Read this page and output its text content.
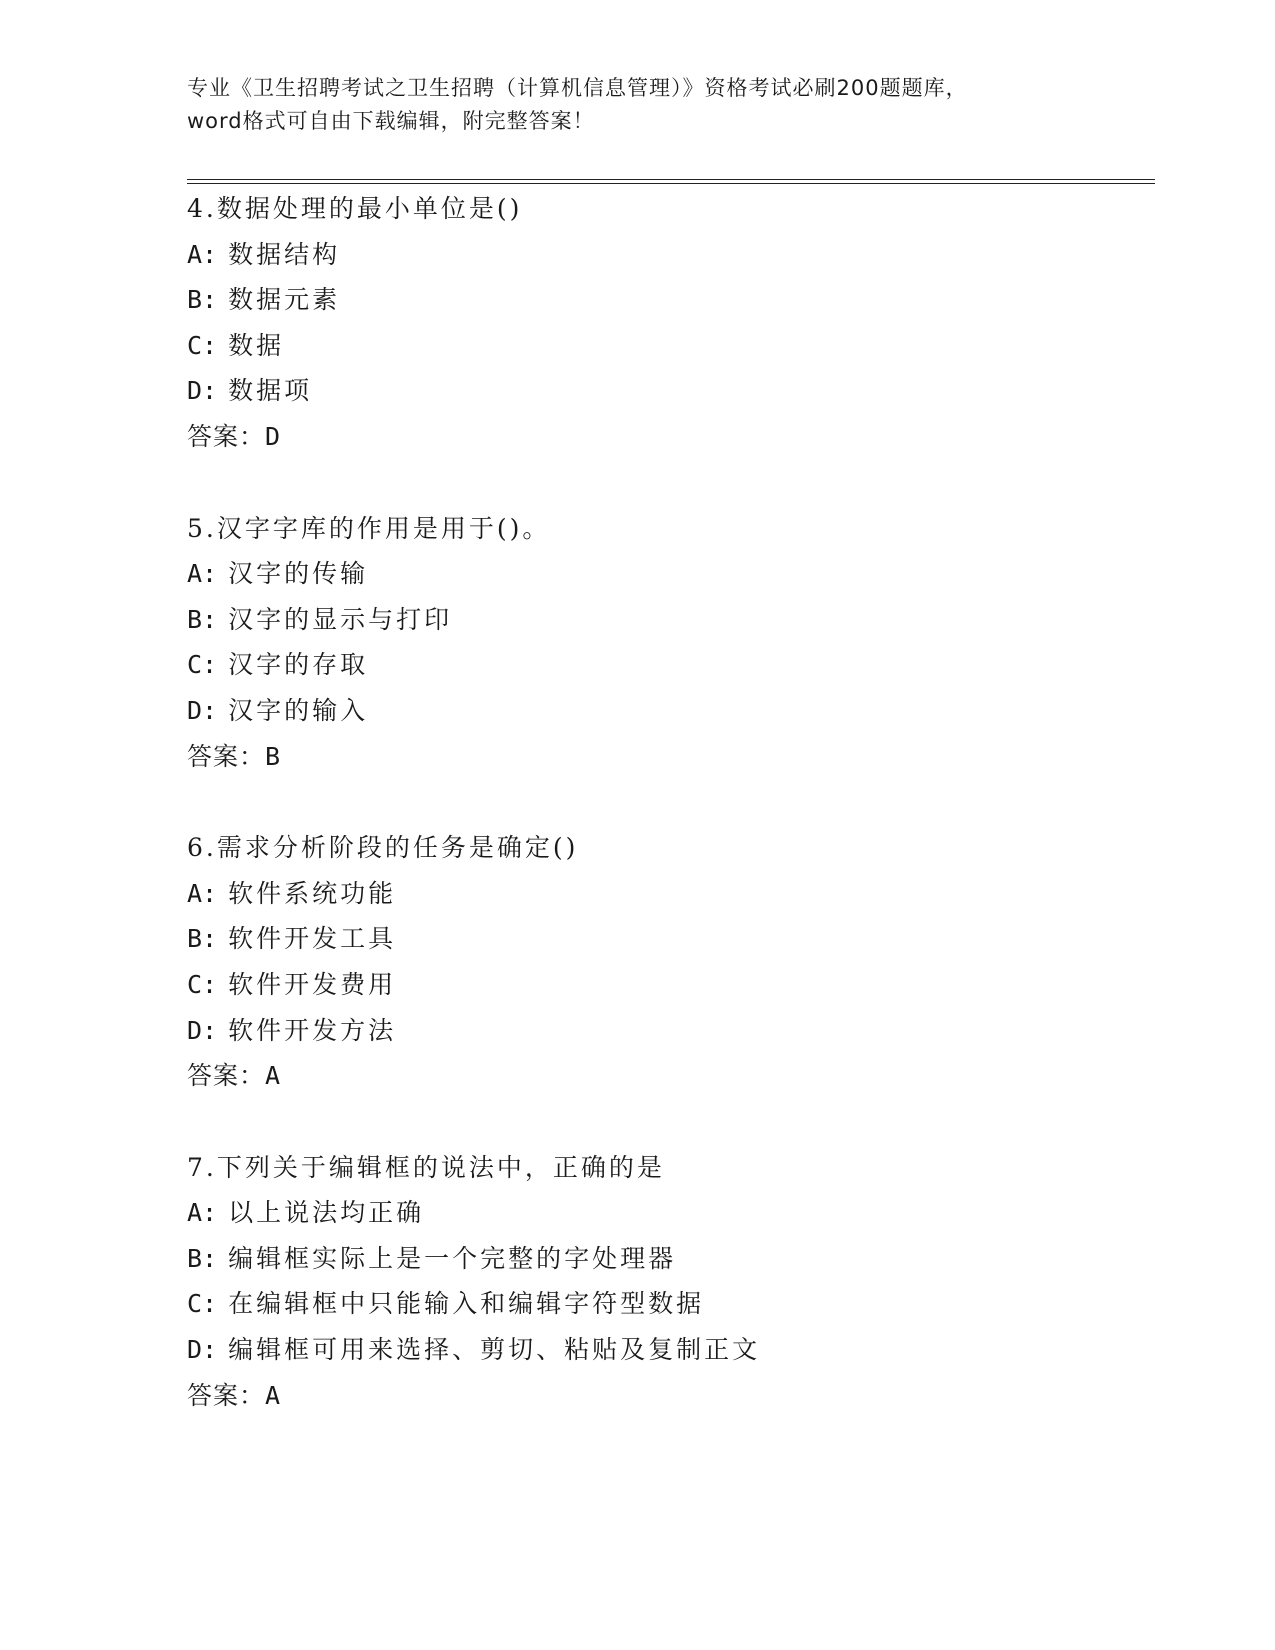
专业《卫生招聘考试之卫生招聘（计算机信息管理）》资格考试必刷200题题库，
word格式可自由下载编辑，附完整答案！
4.数据处理的最小单位是()
A: 数据结构
B: 数据元素
C: 数据
D: 数据项
答案：D
5.汉字字库的作用是用于()。
A: 汉字的传输
B: 汉字的显示与打印
C: 汉字的存取
D: 汉字的输入
答案：B
6.需求分析阶段的任务是确定()
A: 软件系统功能
B: 软件开发工具
C: 软件开发费用
D: 软件开发方法
答案：A
7.下列关于编辑框的说法中，正确的是
A: 以上说法均正确
B: 编辑框实际上是一个完整的字处理器
C: 在编辑框中只能输入和编辑字符型数据
D: 编辑框可用来选择、剪切、粘贴及复制正文
答案：A
